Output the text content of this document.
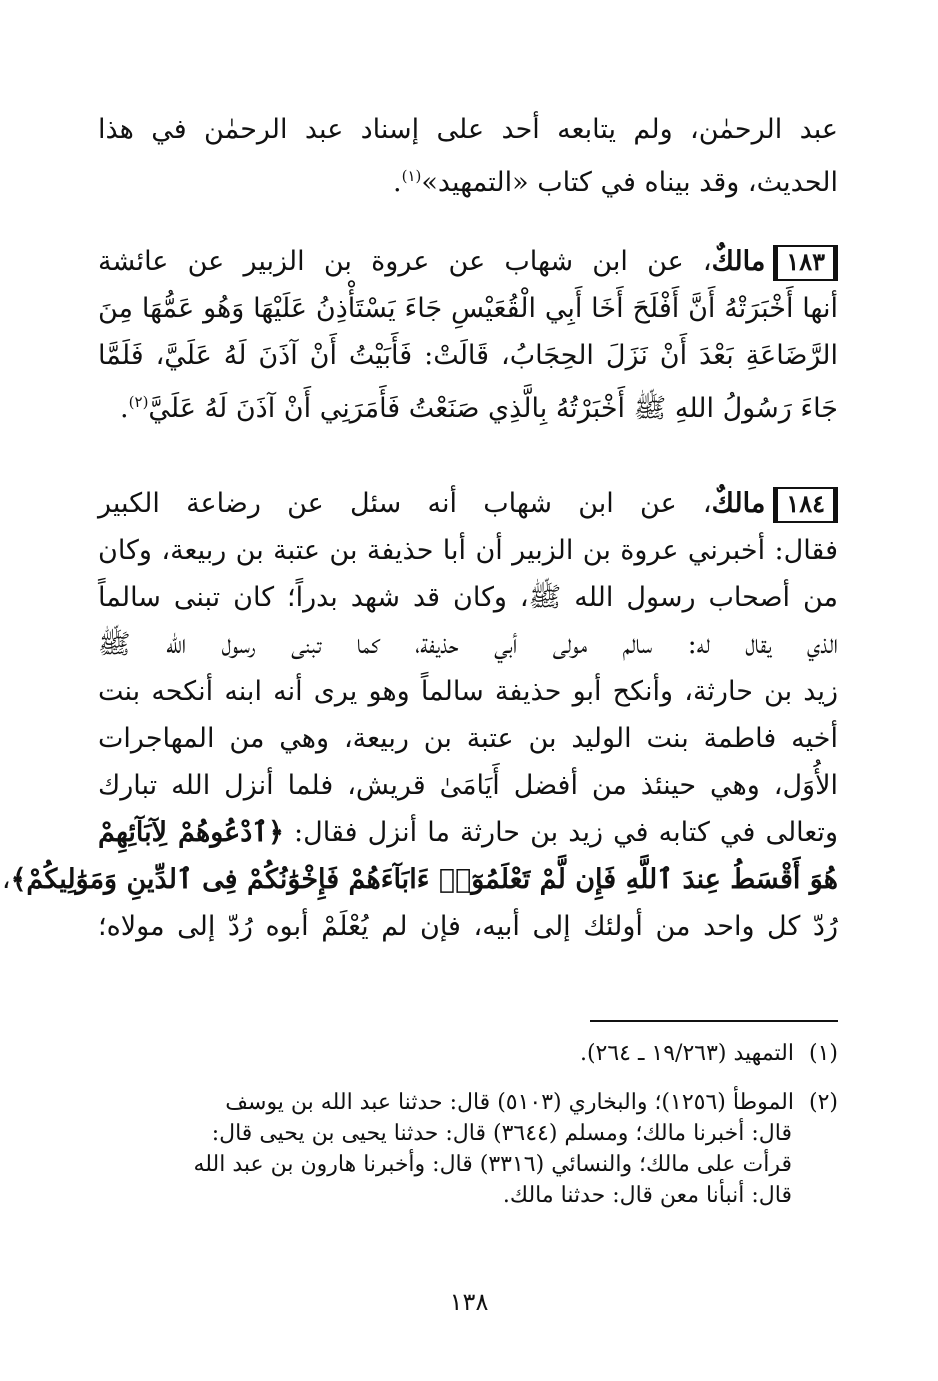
عبد الرحمٰن، ولم يتابعه أحد على إسناد عبد الرحمٰن في هذا
الحديث، وقد بيناه في كتاب «التمهيد»$^{(١)}$.
١٨٣مالكٌ، عن ابن شهاب عن عروة بن الزبير عن عائشة
أنها أَخْبَرَتْهُ أَنَّ أَفْلَحَ أَخَا أَبِي الْقُعَيْسِ جَاءَ يَسْتَأْذِنُ عَلَيْهَا وَهُو عَمُّهَا مِنَ
الرَّضَاعَةِ بَعْدَ أَنْ نَزَلَ الحِجَابُ، قَالَتْ: فَأَبَيْتُ أَنْ آذَنَ لَهُ عَلَيَّ، فَلَمَّا
جَاءَ رَسُولُ اللهِ ﷺ أَخْبَرْتُهُ بِالَّذِي صَنَعْتُ فَأَمَرَنِي أَنْ آذَنَ لَهُ عَلَيَّ$^{(٢)}$.
١٨٤مالكٌ، عن ابن شهاب أنه سئل عن رضاعة الكبير
فقال: أخبرني عروة بن الزبير أن أبا حذيفة بن عتبة بن ربيعة، وكان
من أصحاب رسول الله ﷺ، وكان قد شهد بدراً؛ كان تبنى سالماً
الذي يقال له: سالم مولى أبي حذيفة، كما تبنى رسول الله ﷺ
زيد بن حارثة، وأنكح أبو حذيفة سالماً وهو يرى أنه ابنه أنكحه بنت
أخيه فاطمة بنت الوليد بن عتبة بن ربيعة، وهي من المهاجرات
الأُوَل، وهي حينئذ من أفضل أَيَامَىٰ قريش، فلما أنزل الله تبارك
وتعالى في كتابه في زيد بن حارثة ما أنزل فقال: ﴿ٱدْعُوهُمْ لِآبَآئِهِمْ
هُوَ أَقْسَطُ عِندَ ٱللَّهِ فَإِن لَّمْ تَعْلَمُوٓا۟ ءَابَآءَهُمْ فَإِخْوَٰنُكُمْ فِى ٱلدِّينِ وَمَوَٰلِيكُمْ﴾،
رُدّ كل واحد من أولئك إلى أبيه، فإن لم يُعْلَمْ أبوه رُدّ إلى مولاه؛
(١)التمهيد (١٩/٢٦٣ ـ ٢٦٤).
(٢)الموطأ (١٢٥٦)؛ والبخاري (٥١٠٣) قال: حدثنا عبد الله بن يوسف
قال: أخبرنا مالك؛ ومسلم (٣٦٤٤) قال: حدثنا يحيى بن يحيى قال:
قرأت على مالك؛ والنسائي (٣٣١٦) قال: وأخبرنا هارون بن عبد الله
قال: أنبأنا معن قال: حدثنا مالك.
١٣٨
